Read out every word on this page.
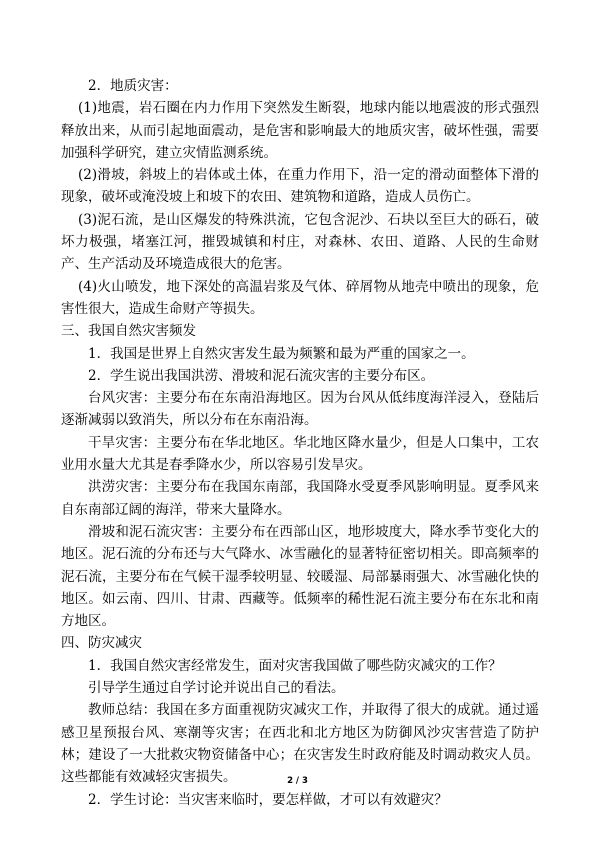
2．地质灾害：

(1)地震，岩石圈在内力作用下突然发生断裂，地球内能以地震波的形式强烈释放出来，从而引起地面震动，是危害和影响最大的地质灾害，破坏性强，需要加强科学研究，建立灾情监测系统。

(2)滑坡，斜坡上的岩体或土体，在重力作用下，沿一定的滑动面整体下滑的现象，破坏或淹没坡上和坡下的农田、建筑物和道路，造成人员伤亡。

(3)泥石流，是山区爆发的特殊洪流，它包含泥沙、石块以至巨大的砾石，破坏力极强，堵塞江河，摧毁城镇和村庄，对森林、农田、道路、人民的生命财产、生产活动及环境造成很大的危害。

(4)火山喷发，地下深处的高温岩浆及气体、碎屑物从地壳中喷出的现象，危害性很大，造成生命财产等损失。

三、我国自然灾害频发

1．我国是世界上自然灾害发生最为频繁和最为严重的国家之一。

2．学生说出我国洪涝、滑坡和泥石流灾害的主要分布区。

台风灾害：主要分布在东南沿海地区。因为台风从低纬度海洋浸入，登陆后逐渐减弱以致消失，所以分布在东南沿海。

干旱灾害：主要分布在华北地区。华北地区降水量少，但是人口集中，工农业用水量大尤其是春季降水少，所以容易引发旱灾。

洪涝灾害：主要分布在我国东南部，我国降水受夏季风影响明显。夏季风来自东南部辽阔的海洋，带来大量降水。

滑坡和泥石流灾害：主要分布在西部山区，地形坡度大，降水季节变化大的地区。泥石流的分布还与大气降水、冰雪融化的显著特征密切相关。即高频率的泥石流，主要分布在气候干湿季较明显、较暖湿、局部暴雨强大、冰雪融化快的地区。如云南、四川、甘肃、西藏等。低频率的稀性泥石流主要分布在东北和南方地区。

四、防灾减灾

1．我国自然灾害经常发生，面对灾害我国做了哪些防灾减灾的工作？

引导学生通过自学讨论并说出自己的看法。

教师总结：我国在多方面重视防灾减灾工作，并取得了很大的成就。通过遥感卫星预报台风、寒潮等灾害；在西北和北方地区为防御风沙灾害营造了防护林；建设了一大批救灾物资储备中心；在灾害发生时政府能及时调动救灾人员。这些都能有效减轻灾害损失。

2．学生讨论：当灾害来临时，要怎样做，才可以有效避灾？

2 / 3
